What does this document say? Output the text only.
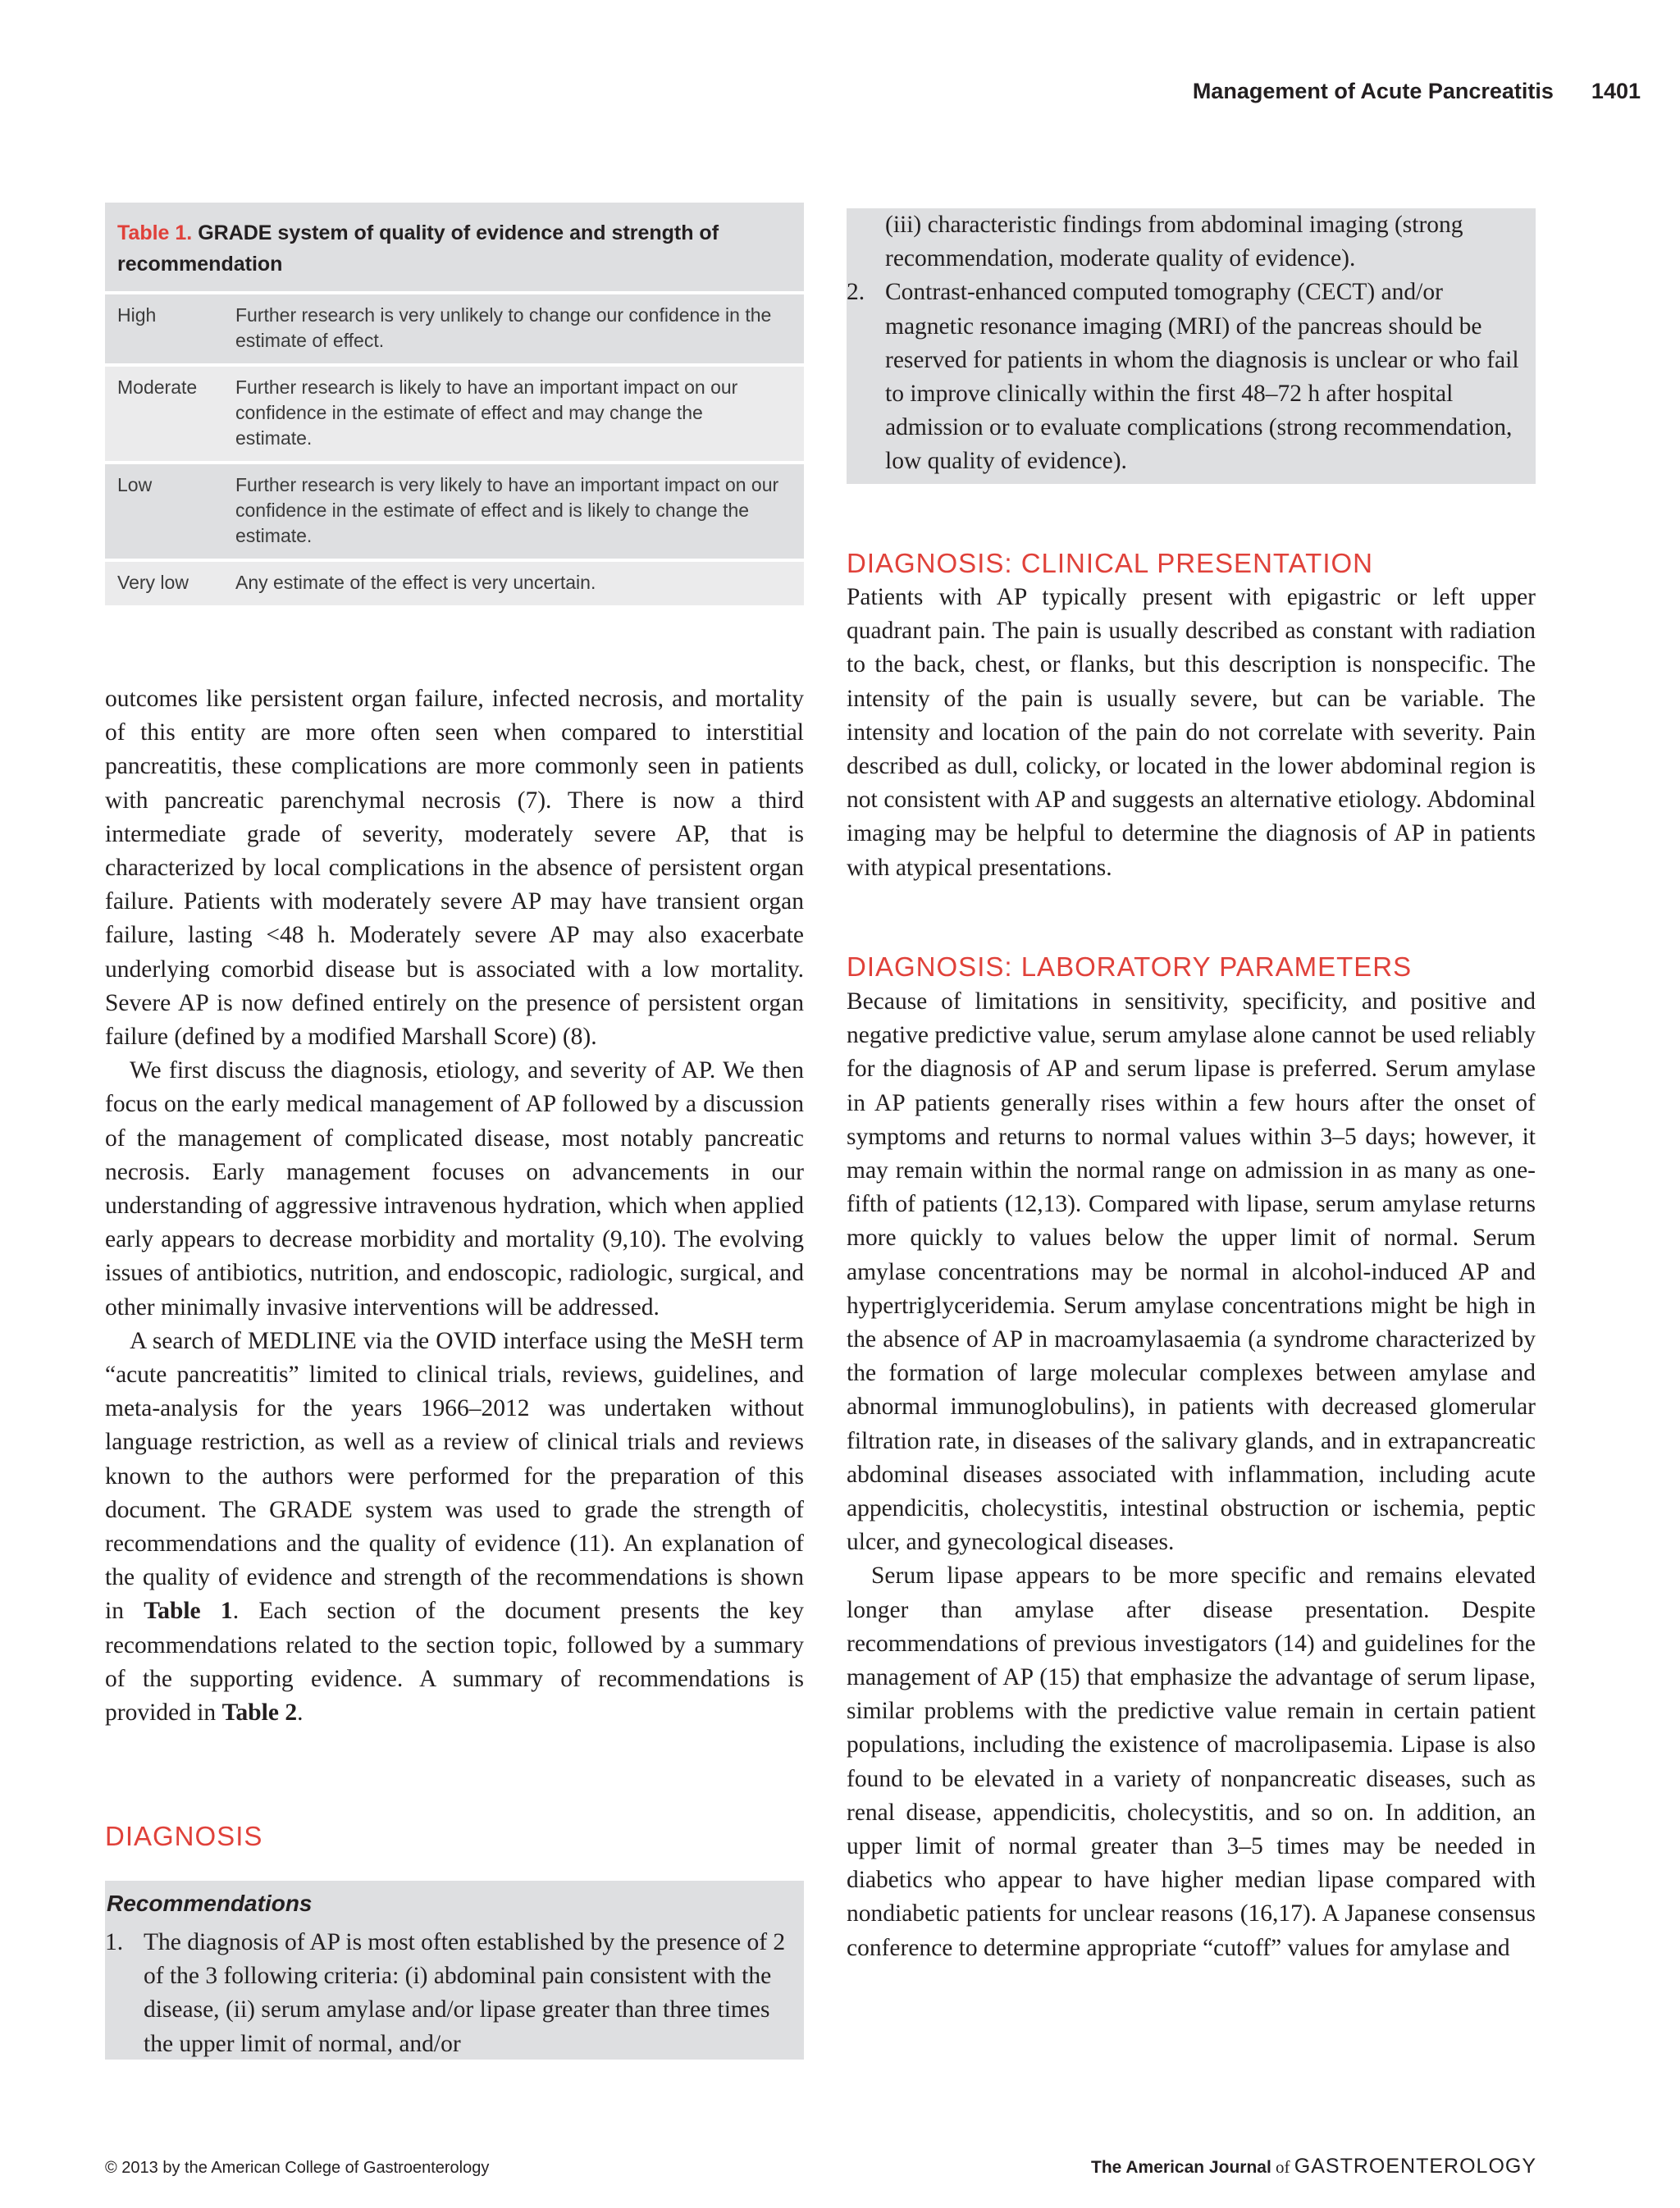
Management of Acute Pancreatitis 1401
Table 1. GRADE system of quality of evidence and strength of recommendation
High	Further research is very unlikely to change our confidence in the estimate of effect.
Moderate	Further research is likely to have an important impact on our confidence in the estimate of effect and may change the estimate.
Low	Further research is very likely to have an important impact on our confidence in the estimate of effect and is likely to change the estimate.
Very low	Any estimate of the effect is very uncertain.

outcomes like persistent organ failure, infected necrosis, and mortality of this entity are more often seen when compared to interstitial pancreatitis, these complications are more commonly seen in patients with pancreatic parenchymal necrosis (7). There is now a third intermediate grade of severity, moderately severe AP, that is characterized by local complications in the absence of persistent organ failure. Patients with moderately severe AP may have transient organ failure, lasting <48 h. Moderately severe AP may also exacerbate underlying comorbid disease but is associated with a low mortality. Severe AP is now defined entirely on the presence of persistent organ failure (defined by a modified Marshall Score) (8).

We first discuss the diagnosis, etiology, and severity of AP. We then focus on the early medical management of AP followed by a discussion of the management of complicated disease, most notably pancreatic necrosis. Early management focuses on advancements in our understanding of aggressive intravenous hydration, which when applied early appears to decrease morbidity and mortality (9,10). The evolving issues of antibiotics, nutrition, and endoscopic, radiologic, surgical, and other minimally invasive interventions will be addressed.

A search of MEDLINE via the OVID interface using the MeSH term “acute pancreatitis” limited to clinical trials, reviews, guidelines, and meta-analysis for the years 1966–2012 was undertaken without language restriction, as well as a review of clinical trials and reviews known to the authors were performed for the preparation of this document. The GRADE system was used to grade the strength of recommendations and the quality of evidence (11). An explanation of the quality of evidence and strength of the recommendations is shown in Table 1. Each section of the document presents the key recommendations related to the section topic, followed by a summary of the supporting evidence. A summary of recommendations is provided in Table 2.

DIAGNOSIS
Recommendations
1. The diagnosis of AP is most often established by the presence of 2 of the 3 following criteria: (i) abdominal pain consistent with the disease, (ii) serum amylase and/or lipase greater than three times the upper limit of normal, and/or
(iii) characteristic findings from abdominal imaging (strong recommendation, moderate quality of evidence).
2. Contrast-enhanced computed tomography (CECT) and/or magnetic resonance imaging (MRI) of the pancreas should be reserved for patients in whom the diagnosis is unclear or who fail to improve clinically within the first 48–72 h after hospital admission or to evaluate complications (strong recommendation, low quality of evidence).
DIAGNOSIS: CLINICAL PRESENTATION

Patients with AP typically present with epigastric or left upper quadrant pain. The pain is usually described as constant with radiation to the back, chest, or flanks, but this description is nonspecific. The intensity of the pain is usually severe, but can be variable. The intensity and location of the pain do not correlate with severity. Pain described as dull, colicky, or located in the lower abdominal region is not consistent with AP and suggests an alternative etiology. Abdominal imaging may be helpful to determine the diagnosis of AP in patients with atypical presentations.

DIAGNOSIS: LABORATORY PARAMETERS

Because of limitations in sensitivity, specificity, and positive and negative predictive value, serum amylase alone cannot be used reliably for the diagnosis of AP and serum lipase is preferred. Serum amylase in AP patients generally rises within a few hours after the onset of symptoms and returns to normal values within 3–5 days; however, it may remain within the normal range on admission in as many as one-fifth of patients (12,13). Compared with lipase, serum amylase returns more quickly to values below the upper limit of normal. Serum amylase concentrations may be normal in alcohol-induced AP and hypertriglyceridemia. Serum amylase concentrations might be high in the absence of AP in macroamylasaemia (a syndrome characterized by the formation of large molecular complexes between amylase and abnormal immunoglobulins), in patients with decreased glomerular filtration rate, in diseases of the salivary glands, and in extrapancreatic abdominal diseases associated with inflammation, including acute appendicitis, cholecystitis, intestinal obstruction or ischemia, peptic ulcer, and gynecological diseases.

Serum lipase appears to be more specific and remains elevated longer than amylase after disease presentation. Despite recommendations of previous investigators (14) and guidelines for the management of AP (15) that emphasize the advantage of serum lipase, similar problems with the predictive value remain in certain patient populations, including the existence of macrolipasemia. Lipase is also found to be elevated in a variety of nonpancreatic diseases, such as renal disease, appendicitis, cholecystitis, and so on. In addition, an upper limit of normal greater than 3–5 times may be needed in diabetics who appear to have higher median lipase compared with nondiabetic patients for unclear reasons (16,17). A Japanese consensus conference to determine appropriate “cutoff” values for amylase and

© 2013 by the American College of Gastroenterology	The American Journal of GASTROENTEROLOGY
